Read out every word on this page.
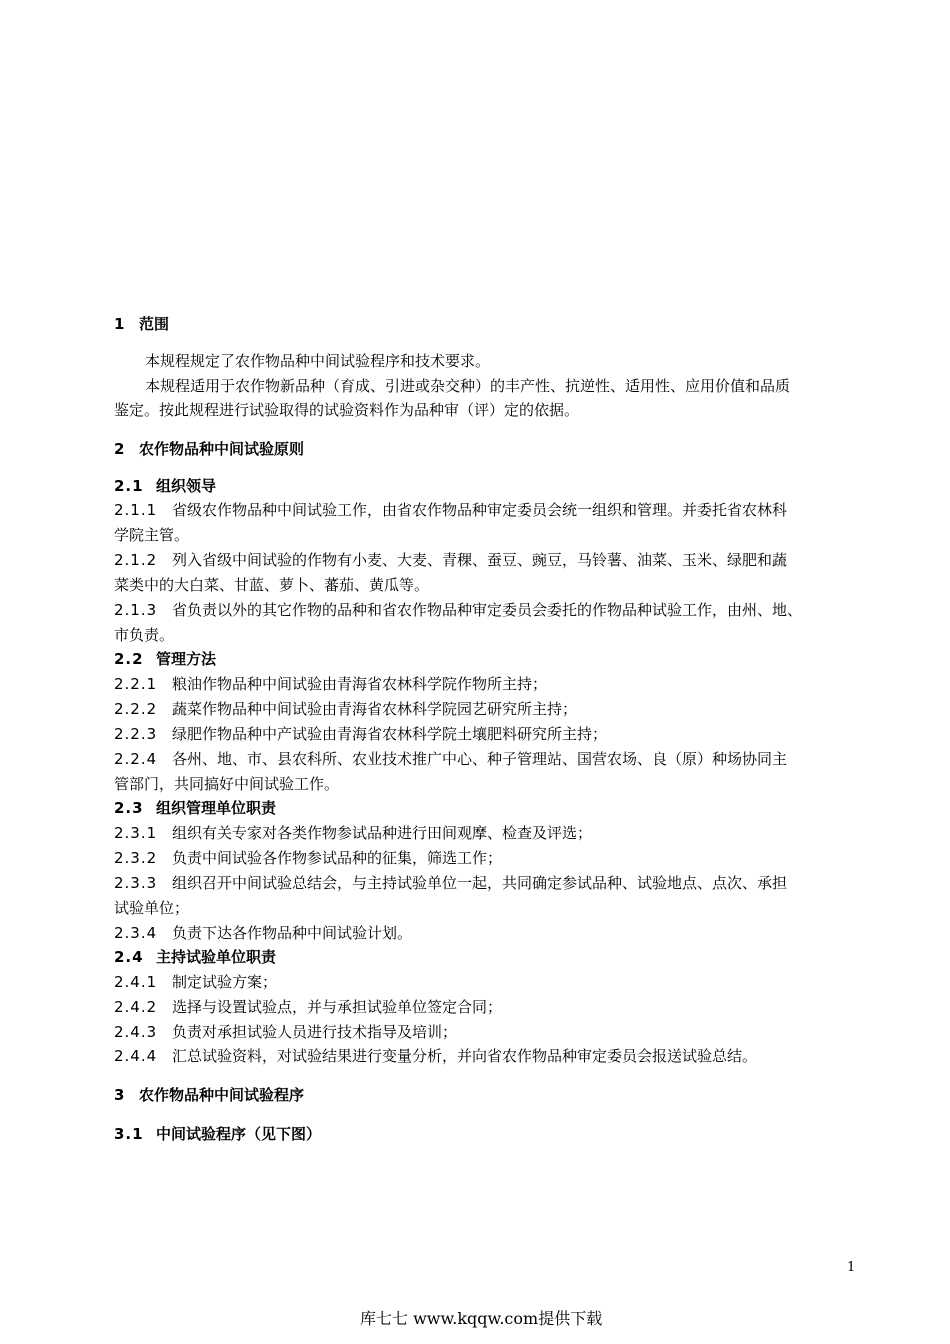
1 范围
本规程规定了农作物品种中间试验程序和技术要求。
本规程适用于农作物新品种（育成、引进或杂交种）的丰产性、抗逆性、适用性、应用价值和品质
鉴定。按此规程进行试验取得的试验资料作为品种审（评）定的依据。
2 农作物品种中间试验原则
2.1 组织领导
2.1.1 省级农作物品种中间试验工作，由省农作物品种审定委员会统一组织和管理。并委托省农林科
学院主管。
2.1.2 列入省级中间试验的作物有小麦、大麦、青稞、蚕豆、豌豆，马铃薯、油菜、玉米、绿肥和蔬
菜类中的大白菜、甘蓝、萝卜、蕃茄、黄瓜等。
2.1.3 省负责以外的其它作物的品种和省农作物品种审定委员会委托的作物品种试验工作，由州、地、
市负责。
2.2 管理方法
2.2.1 粮油作物品种中间试验由青海省农林科学院作物所主持；
2.2.2 蔬菜作物品种中间试验由青海省农林科学院园艺研究所主持；
2.2.3 绿肥作物品种中产试验由青海省农林科学院土壤肥料研究所主持；
2.2.4 各州、地、市、县农科所、农业技术推广中心、种子管理站、国营农场、良（原）种场协同主
管部门，共同搞好中间试验工作。
2.3 组织管理单位职责
2.3.1 组织有关专家对各类作物参试品种进行田间观摩、检查及评选；
2.3.2 负责中间试验各作物参试品种的征集，筛选工作；
2.3.3 组织召开中间试验总结会，与主持试验单位一起，共同确定参试品种、试验地点、点次、承担
试验单位；
2.3.4 负责下达各作物品种中间试验计划。
2.4 主持试验单位职责
2.4.1 制定试验方案；
2.4.2 选择与设置试验点，并与承担试验单位签定合同；
2.4.3 负责对承担试验人员进行技术指导及培训；
2.4.4 汇总试验资料，对试验结果进行变量分析，并向省农作物品种审定委员会报送试验总结。
3 农作物品种中间试验程序
3.1 中间试验程序（见下图）
1
库七七 www.kqqw.com提供下载
